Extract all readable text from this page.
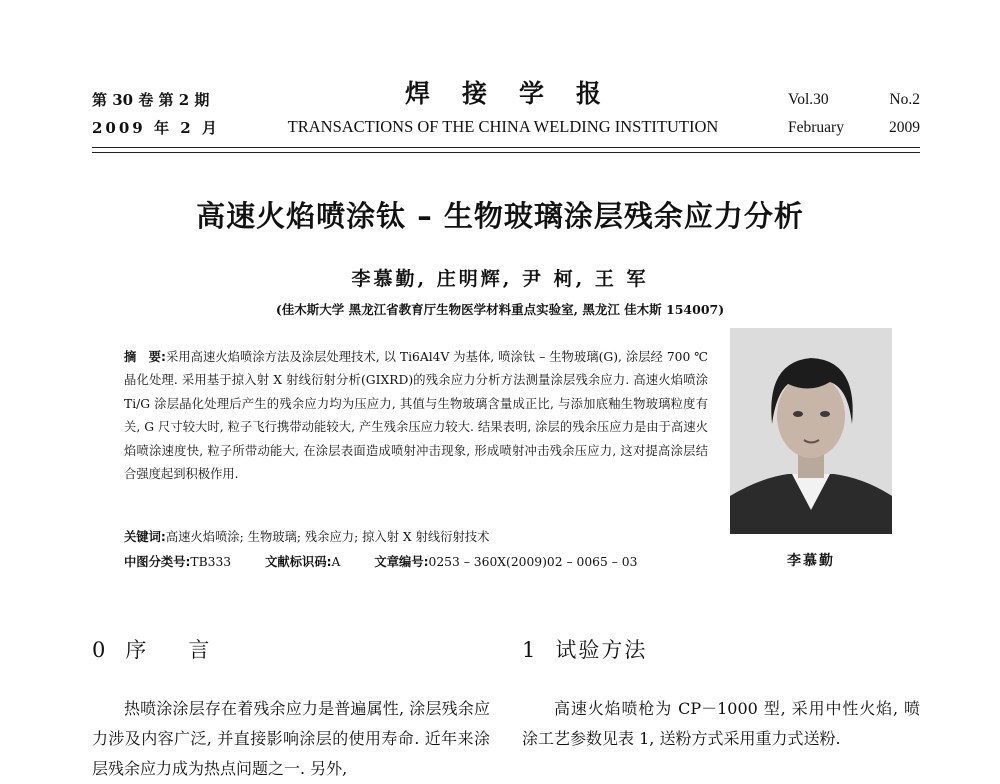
第 30 卷 第 2 期
2009 年 2 月
焊接学报
TRANSACTIONS OF THE CHINA WELDING INSTITUTION
Vol.30	No.2
February	2009
高速火焰喷涂钛 – 生物玻璃涂层残余应力分析
李慕勤, 庄明辉, 尹 柯, 王 军
(佳木斯大学 黑龙江省教育厅生物医学材料重点实验室, 黑龙江 佳木斯 154007)
摘　要:采用高速火焰喷涂方法及涂层处理技术, 以 Ti6Al4V 为基体, 喷涂钛 – 生物玻璃(G), 涂层经 700 ℃晶化处理. 采用基于掠入射 X 射线衍射分析(GIXRD)的残余应力分析方法测量涂层残余应力. 高速火焰喷涂 Ti/G 涂层晶化处理后产生的残余应力均为压应力, 其值与生物玻璃含量成正比, 与添加底釉生物玻璃粒度有关, G 尺寸较大时, 粒子飞行携带动能较大, 产生残余压应力较大. 结果表明, 涂层的残余压应力是由于高速火焰喷涂速度快, 粒子所带动能大, 在涂层表面造成喷射冲击现象, 形成喷射冲击残余压应力, 这对提高涂层结合强度起到积极作用.
关键词:高速火焰喷涂; 生物玻璃; 残余应力; 掠入射 X 射线衍射技术
中图分类号:TB333	文献标识码:A	文章编号:0253 – 360X(2009)02 – 0065 – 03	李慕勤
0 序言	1 试验方法
热喷涂涂层存在着残余应力是普遍属性, 涂层残余应力涉及内容广泛, 并直接影响涂层的使用寿命. 近年来涂层残余应力成为热点问题之一. 另外,
高速火焰喷枪为 CP－1000 型, 采用中性火焰, 喷涂工艺参数见表 1, 送粉方式采用重力式送粉.
